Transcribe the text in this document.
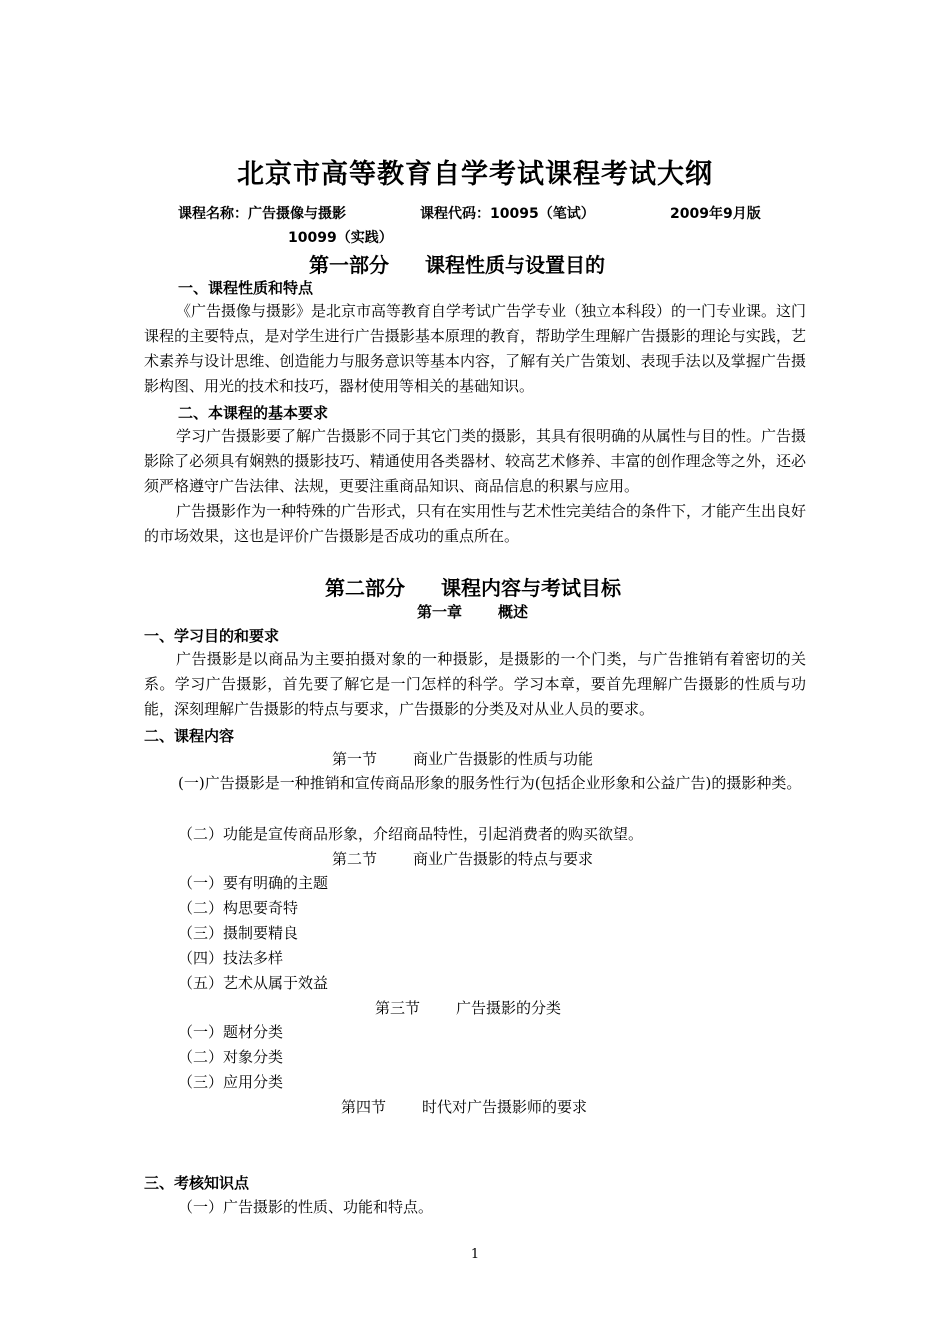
北京市高等教育自学考试课程考试大纲
课程名称：广告摄像与摄影	课程代码：10095（笔试）	2009年9月版
10099（实践）
第一部分 课程性质与设置目的
一、课程性质和特点
《广告摄像与摄影》是北京市高等教育自学考试广告学专业（独立本科段）的一门专业课。这门课程的主要特点，是对学生进行广告摄影基本原理的教育，帮助学生理解广告摄影的理论与实践，艺术素养与设计思维、创造能力与服务意识等基本内容，了解有关广告策划、表现手法以及掌握广告摄影构图、用光的技术和技巧，器材使用等相关的基础知识。
二、本课程的基本要求
学习广告摄影要了解广告摄影不同于其它门类的摄影，其具有很明确的从属性与目的性。广告摄影除了必须具有娴熟的摄影技巧、精通使用各类器材、较高艺术修养、丰富的创作理念等之外，还必须严格遵守广告法律、法规，更要注重商品知识、商品信息的积累与应用。
广告摄影作为一种特殊的广告形式，只有在实用性与艺术性完美结合的条件下，才能产生出良好的市场效果，这也是评价广告摄影是否成功的重点所在。
第二部分 课程内容与考试目标
第一章 概述
一、学习目的和要求
广告摄影是以商品为主要拍摄对象的一种摄影，是摄影的一个门类，与广告推销有着密切的关系。学习广告摄影，首先要了解它是一门怎样的科学。学习本章，要首先理解广告摄影的性质与功能，深刻理解广告摄影的特点与要求，广告摄影的分类及对从业人员的要求。
二、课程内容
第一节 商业广告摄影的性质与功能
(一)广告摄影是一种推销和宣传商品形象的服务性行为(包括企业形象和公益广告)的摄影种类。
（二）功能是宣传商品形象，介绍商品特性，引起消费者的购买欲望。
第二节 商业广告摄影的特点与要求
（一）要有明确的主题
（二）构思要奇特
（三）摄制要精良
（四）技法多样
（五）艺术从属于效益
第三节 广告摄影的分类
（一）题材分类
（二）对象分类
（三）应用分类
第四节 时代对广告摄影师的要求
三、考核知识点
（一）广告摄影的性质、功能和特点。
1
